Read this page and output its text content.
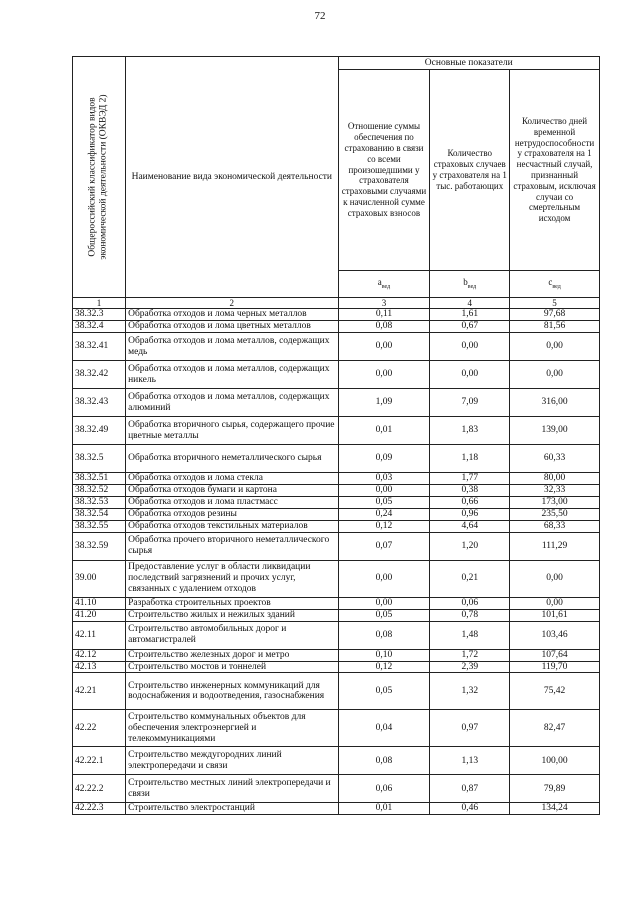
72
Общероссийский классификатор видов экономической деятельности (ОКВЭД 2)	Наименование вида экономической деятельности	Основные показатели		
		Отношение суммы обеспечения по страхованию в связи со всеми произошедшими у страхователя страховыми случаями к начисленной сумме страховых взносов	Количество страховых случаев у страхователя на 1 тыс. работающих	Количество дней временной нетрудоспособности у страхователя на 1 несчастный случай, признанный страховым, исключая случаи со смертельным исходом
		$a_{вед}$	$b_{вед}$	$c_{вед}$
1	2	3	4	5
38.32.3	Обработка отходов и лома черных металлов	0,11	1,61	97,68
38.32.4	Обработка отходов и лома цветных металлов	0,08	0,67	81,56
38.32.41	Обработка отходов и лома металлов, содержащих медь	0,00	0,00	0,00
38.32.42	Обработка отходов и лома металлов, содержащих никель	0,00	0,00	0,00
38.32.43	Обработка отходов и лома металлов, содержащих алюминий	1,09	7,09	316,00
38.32.49	Обработка вторичного сырья, содержащего прочие цветные металлы	0,01	1,83	139,00
38.32.5	Обработка вторичного неметаллического сырья	0,09	1,18	60,33
38.32.51	Обработка отходов и лома стекла	0,03	1,77	80,00
38.32.52	Обработка отходов бумаги и картона	0,00	0,38	32,33
38.32.53	Обработка отходов и лома пластмасс	0,05	0,66	173,00
38.32.54	Обработка отходов резины	0,24	0,96	235,50
38.32.55	Обработка отходов текстильных материалов	0,12	4,64	68,33
38.32.59	Обработка прочего вторичного неметаллического сырья	0,07	1,20	111,29
39.00	Предоставление услуг в области ликвидации последствий загрязнений и прочих услуг, связанных с удалением отходов	0,00	0,21	0,00
41.10	Разработка строительных проектов	0,00	0,06	0,00
41.20	Строительство жилых и нежилых зданий	0,05	0,78	101,61
42.11	Строительство автомобильных дорог и автомагистралей	0,08	1,48	103,46
42.12	Строительство железных дорог и метро	0,10	1,72	107,64
42.13	Строительство мостов и тоннелей	0,12	2,39	119,70
42.21	Строительство инженерных коммуникаций для водоснабжения и водоотведения, газоснабжения	0,05	1,32	75,42
42.22	Строительство коммунальных объектов для обеспечения электроэнергией и телекоммуникациями	0,04	0,97	82,47
42.22.1	Строительство междугородних линий электропередачи и связи	0,08	1,13	100,00
42.22.2	Строительство местных линий электропередачи и связи	0,06	0,87	79,89
42.22.3	Строительство электростанций	0,01	0,46	134,24
